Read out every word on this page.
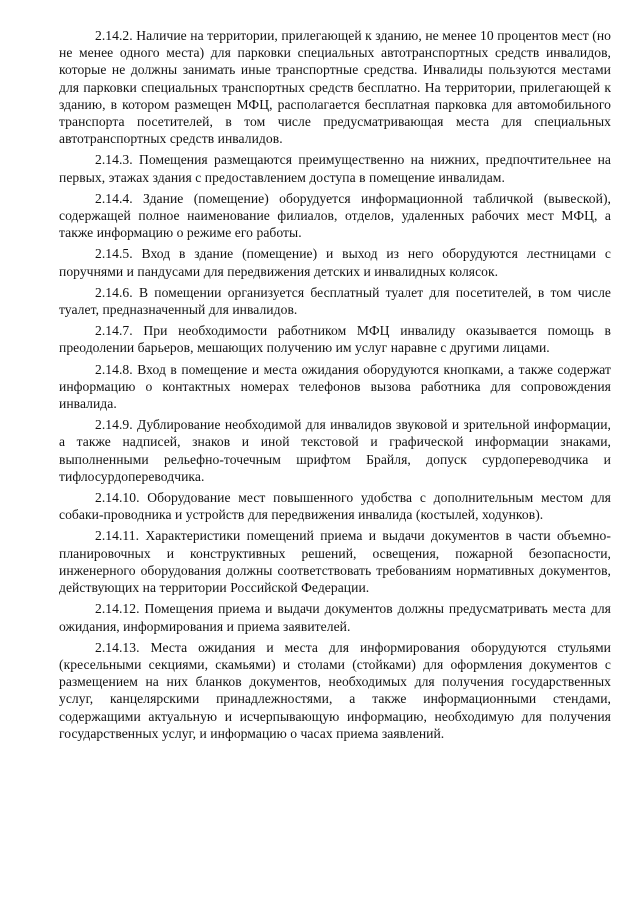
2.14.2. Наличие на территории, прилегающей к зданию, не менее 10 процентов мест (но не менее одного места) для парковки специальных автотранспортных средств инвалидов, которые не должны занимать иные транспортные средства. Инвалиды пользуются местами для парковки специальных транспортных средств бесплатно. На территории, прилегающей к зданию, в котором размещен МФЦ, располагается бесплатная парковка для автомобильного транспорта посетителей, в том числе предусматривающая места для специальных автотранспортных средств инвалидов.
2.14.3. Помещения размещаются преимущественно на нижних, предпочтительнее на первых, этажах здания с предоставлением доступа в помещение инвалидам.
2.14.4. Здание (помещение) оборудуется информационной табличкой (вывеской), содержащей полное наименование филиалов, отделов, удаленных рабочих мест МФЦ, а также информацию о режиме его работы.
2.14.5. Вход в здание (помещение) и выход из него оборудуются лестницами с поручнями и пандусами для передвижения детских и инвалидных колясок.
2.14.6. В помещении организуется бесплатный туалет для посетителей, в том числе туалет, предназначенный для инвалидов.
2.14.7. При необходимости работником МФЦ инвалиду оказывается помощь в преодолении барьеров, мешающих получению им услуг наравне с другими лицами.
2.14.8. Вход в помещение и места ожидания оборудуются кнопками, а также содержат информацию о контактных номерах телефонов вызова работника для сопровождения инвалида.
2.14.9. Дублирование необходимой для инвалидов звуковой и зрительной информации, а также надписей, знаков и иной текстовой и графической информации знаками, выполненными рельефно-точечным шрифтом Брайля, допуск сурдопереводчика и тифлосурдопереводчика.
2.14.10. Оборудование мест повышенного удобства с дополнительным местом для собаки-проводника и устройств для передвижения инвалида (костылей, ходунков).
2.14.11. Характеристики помещений приема и выдачи документов в части объемно-планировочных и конструктивных решений, освещения, пожарной безопасности, инженерного оборудования должны соответствовать требованиям нормативных документов, действующих на территории Российской Федерации.
2.14.12. Помещения приема и выдачи документов должны предусматривать места для ожидания, информирования и приема заявителей.
2.14.13. Места ожидания и места для информирования оборудуются стульями (кресельными секциями, скамьями) и столами (стойками) для оформления документов с размещением на них бланков документов, необходимых для получения государственных услуг, канцелярскими принадлежностями, а также информационными стендами, содержащими актуальную и исчерпывающую информацию, необходимую для получения государственных услуг, и информацию о часах приема заявлений.
